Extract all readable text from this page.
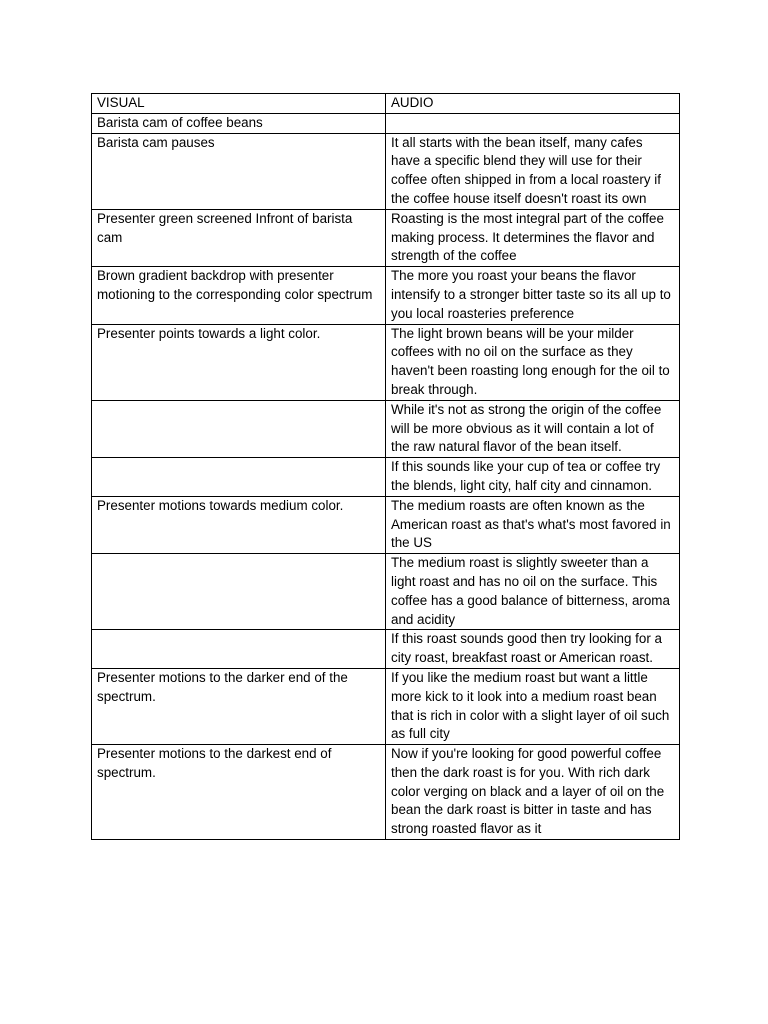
VISUAL	AUDIO
Barista cam of coffee beans	
Barista cam pauses	It all starts with the bean itself, many cafes have a specific blend they will use for their coffee often shipped in from a local roastery if the coffee house itself doesn't roast its own
Presenter green screened Infront of barista cam	Roasting is the most integral part of the coffee making process. It determines the flavor and strength of the coffee
Brown gradient backdrop with presenter motioning to the corresponding color spectrum	The more you roast your beans the flavor intensify to a stronger bitter taste so its all up to you local roasteries preference
Presenter points towards a light color.	The light brown beans will be your milder coffees with no oil on the surface as they haven't been roasting long enough for the oil to break through.
	While it's not as strong the origin of the coffee will be more obvious as it will contain a lot of the raw natural flavor of the bean itself.
	If this sounds like your cup of tea or coffee try the blends, light city, half city and cinnamon.
Presenter motions towards medium color.	The medium roasts are often known as the American roast as that's what's most favored in the US
	The medium roast is slightly sweeter than a light roast and has no oil on the surface. This coffee has a good balance of bitterness, aroma and acidity
	If this roast sounds good then try looking for a city roast, breakfast roast or American roast.
Presenter motions to the darker end of the spectrum.	If you like the medium roast but want a little more kick to it look into a medium roast bean that is rich in color with a slight layer of oil such as full city
Presenter motions to the darkest end of spectrum.	Now if you're looking for good powerful coffee then the dark roast is for you. With rich dark color verging on black and a layer of oil on the bean the dark roast is bitter in taste and has strong roasted flavor as it
